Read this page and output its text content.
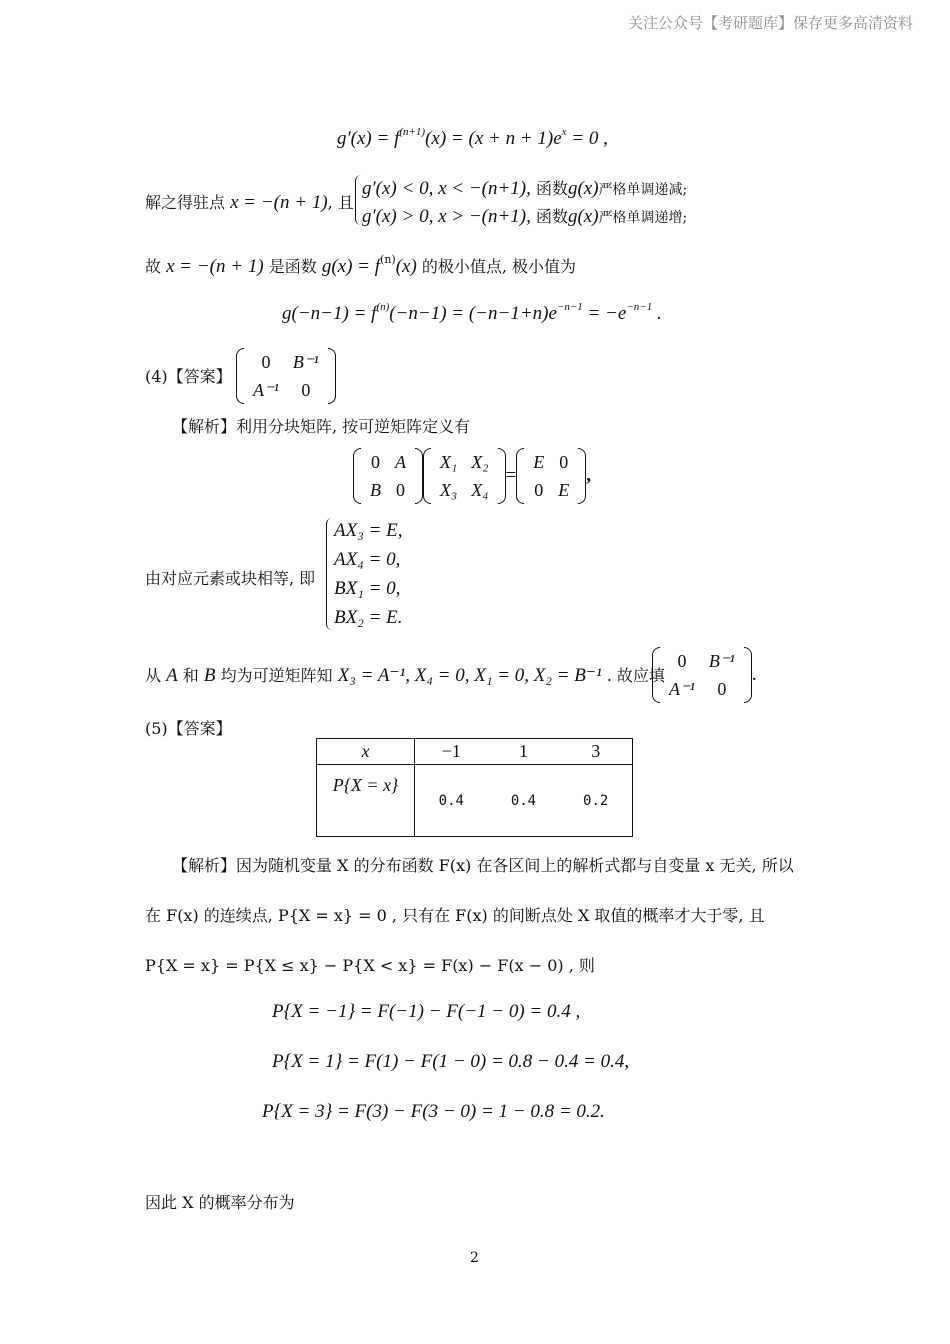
关注公众号【考研题库】保存更多高清资料
$g'(x) = f^{(n+1)}(x) = (x + n + 1)e^x = 0$ ,
解之得驻点 x = −(n + 1), 且
g′(x) < 0, x < −(n+1), 函数g(x)严格单调递减;
g′(x) > 0, x > −(n+1), 函数g(x)严格单调递增;
故 x = −(n + 1) 是函数 $g(x) = f^{(n)}(x)$ 的极小值点, 极小值为
$g(-n-1) = f^{(n)}(-n-1) = (-n-1+n)e^{-n-1} = -e^{-n-1}$ .
(4)【答案】
0	B⁻¹
A⁻¹	0
【解析】利用分块矩阵, 按可逆矩阵定义有
0	A
B	0
X₁	X₂
X₃	X₄
=
E	0
0	E
,
由对应元素或块相等, 即
AX₃ = E,
AX₄ = 0,
BX₁ = 0,
BX₂ = E.
从 A 和 B 均为可逆矩阵知 X₃ = A⁻¹, X₄ = 0, X₁ = 0, X₂ = B⁻¹ . 故应填
0	B⁻¹
A⁻¹	0
.
(5)【答案】
x	−1	1	3
P{X = x}	0.4	0.4	0.2
【解析】因为随机变量 X 的分布函数 F(x) 在各区间上的解析式都与自变量 x 无关, 所以
在 F(x) 的连续点, P{X = x} = 0 , 只有在 F(x) 的间断点处 X 取值的概率才大于零, 且
P{X = x} = P{X ≤ x} − P{X < x} = F(x) − F(x − 0) , 则
P{X = −1} = F(−1) − F(−1 − 0) = 0.4 ,
P{X = 1} = F(1) − F(1 − 0) = 0.8 − 0.4 = 0.4,
P{X = 3} = F(3) − F(3 − 0) = 1 − 0.8 = 0.2.
因此 X 的概率分布为
2
